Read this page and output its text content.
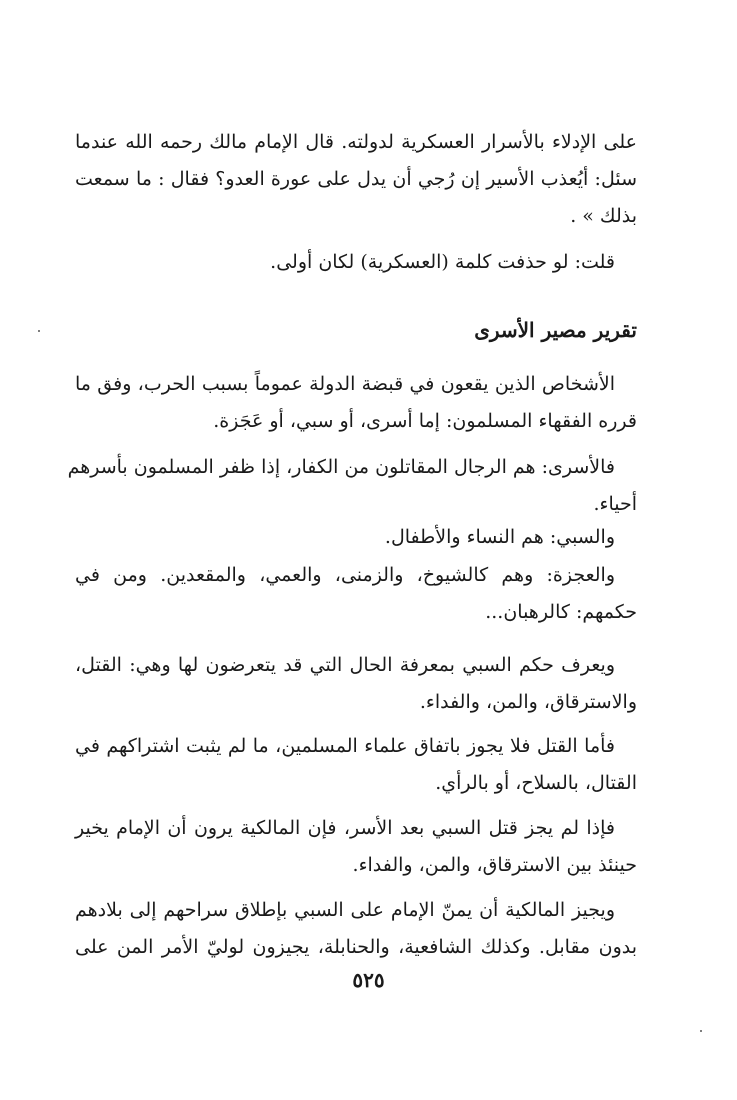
على الإدلاء بالأسرار العسكرية لدولته. قال الإمام مالك رحمه الله عندما
سئل: أيُعذب الأسير إن رُجي أن يدل على عورة العدو؟ فقال : ما سمعت
بذلك » .
قلت: لو حذفت كلمة (العسكرية) لكان أولى.
تقرير مصير الأسرى
الأشخاص الذين يقعون في قبضة الدولة عموماً بسبب الحرب، وفق ما
قرره الفقهاء المسلمون: إما أسرى، أو سبي، أو عَجَزة.
فالأسرى: هم الرجال المقاتلون من الكفار، إذا ظفر المسلمون بأسرهم
أحياء.
والسبي: هم النساء والأطفال.
والعجزة: وهم كالشيوخ، والزمنى، والعمي، والمقعدين. ومن في
حكمهم: كالرهبان...
ويعرف حكم السبي بمعرفة الحال التي قد يتعرضون لها وهي: القتل،
والاسترقاق، والمن، والفداء.
فأما القتل فلا يجوز باتفاق علماء المسلمين، ما لم يثبت اشتراكهم في
القتال، بالسلاح، أو بالرأي.
فإذا لم يجز قتل السبي بعد الأسر، فإن المالكية يرون أن الإمام يخير
حينئذ بين الاسترقاق، والمن، والفداء.
ويجيز المالكية أن يمنّ الإمام على السبي بإطلاق سراحهم إلى بلادهم
بدون مقابل. وكذلك الشافعية، والحنابلة، يجيزون لوليّ الأمر المن على
٥٢٥
